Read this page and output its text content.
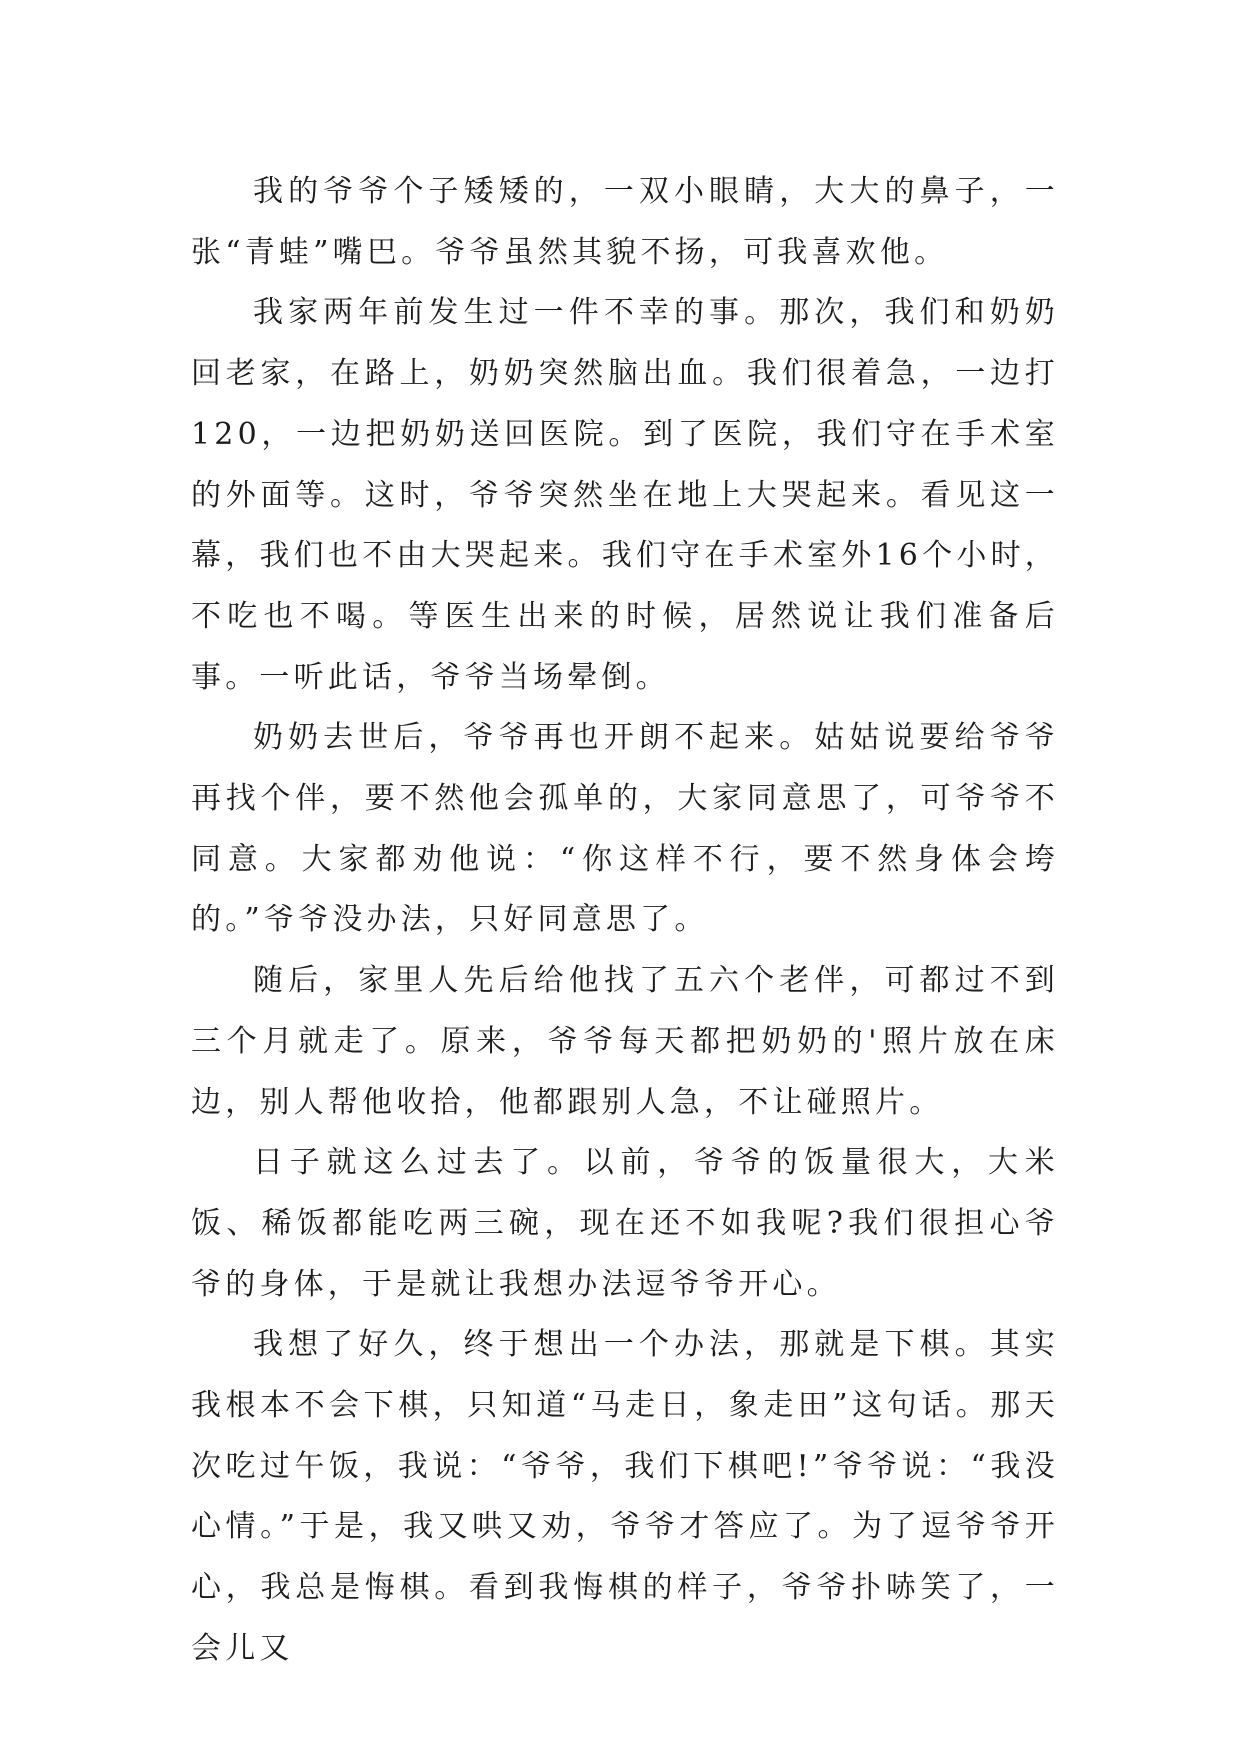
我的爷爷个子矮矮的，一双小眼睛，大大的鼻子，一张“青蛙”嘴巴。爷爷虽然其貌不扬，可我喜欢他。

我家两年前发生过一件不幸的事。那次，我们和奶奶回老家，在路上，奶奶突然脑出血。我们很着急，一边打120，一边把奶奶送回医院。到了医院，我们守在手术室的外面等。这时，爷爷突然坐在地上大哭起来。看见这一幕，我们也不由大哭起来。我们守在手术室外16个小时，不吃也不喝。等医生出来的时候，居然说让我们准备后事。一听此话，爷爷当场晕倒。

奶奶去世后，爷爷再也开朗不起来。姑姑说要给爷爷再找个伴，要不然他会孤单的，大家同意思了，可爷爷不同意。大家都劝他说：“你这样不行，要不然身体会垮的。”爷爷没办法，只好同意思了。

随后，家里人先后给他找了五六个老伴，可都过不到三个月就走了。原来，爷爷每天都把奶奶的'照片放在床边，别人帮他收拾，他都跟别人急，不让碰照片。

日子就这么过去了。以前，爷爷的饭量很大，大米饭、稀饭都能吃两三碗，现在还不如我呢?我们很担心爷爷的身体，于是就让我想办法逗爷爷开心。

我想了好久，终于想出一个办法，那就是下棋。其实我根本不会下棋，只知道“马走日，象走田”这句话。那天次吃过午饭，我说：“爷爷，我们下棋吧!”爷爷说：“我没心情。”于是，我又哄又劝，爷爷才答应了。为了逗爷爷开心，我总是悔棋。看到我悔棋的样子，爷爷扑哧笑了，一会儿又
